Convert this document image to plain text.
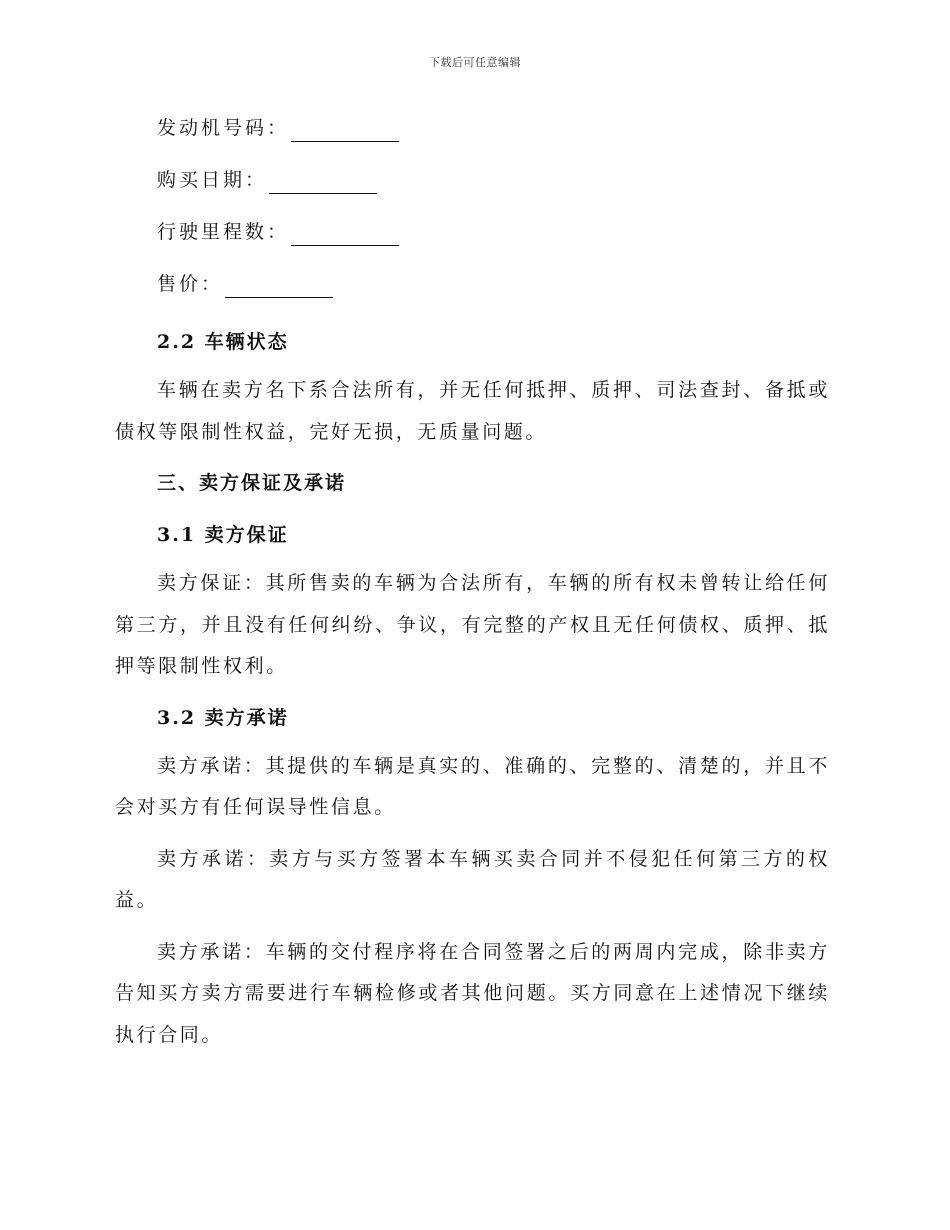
下载后可任意编辑
发动机号码：
购买日期：
行驶里程数：
售价：
2.2 车辆状态

车辆在卖方名下系合法所有，并无任何抵押、质押、司法查封、备抵或债权等限制性权益，完好无损，无质量问题。

三、卖方保证及承诺
3.1 卖方保证

卖方保证：其所售卖的车辆为合法所有，车辆的所有权未曾转让给任何第三方，并且没有任何纠纷、争议，有完整的产权且无任何债权、质押、抵押等限制性权利。

3.2 卖方承诺

卖方承诺：其提供的车辆是真实的、准确的、完整的、清楚的，并且不会对买方有任何误导性信息。

卖方承诺：卖方与买方签署本车辆买卖合同并不侵犯任何第三方的权益。

卖方承诺：车辆的交付程序将在合同签署之后的两周内完成，除非卖方告知买方卖方需要进行车辆检修或者其他问题。买方同意在上述情况下继续执行合同。
